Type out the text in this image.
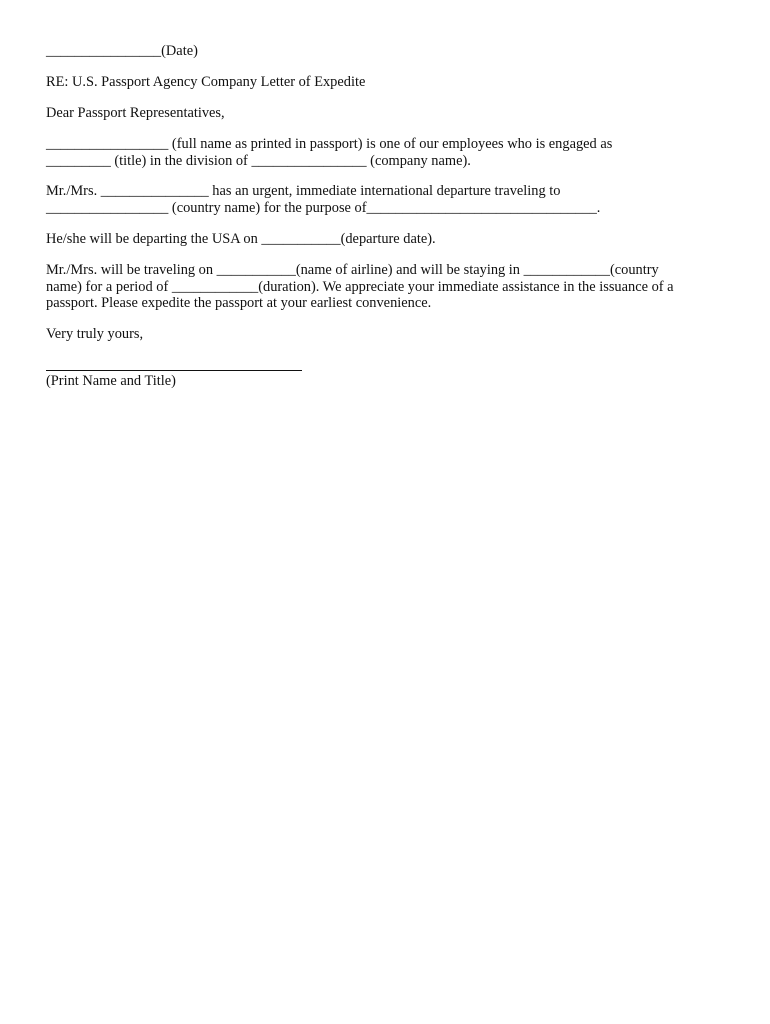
________________(Date)
RE: U.S. Passport Agency Company Letter of Expedite
Dear Passport Representatives,
_________________ (full name as printed in passport) is one of our employees who is engaged as
_________ (title) in the division of ________________ (company name).
Mr./Mrs. _______________ has an urgent, immediate international departure traveling to
_________________ (country name) for the purpose of________________________________.
He/she will be departing the USA on ___________(departure date).
Mr./Mrs. will be traveling on ___________(name of airline) and will be staying in ____________(country
name) for a period of ____________(duration). We appreciate your immediate assistance in the issuance of a
passport. Please expedite the passport at your earliest convenience.
Very truly yours,
(Print Name and Title)
